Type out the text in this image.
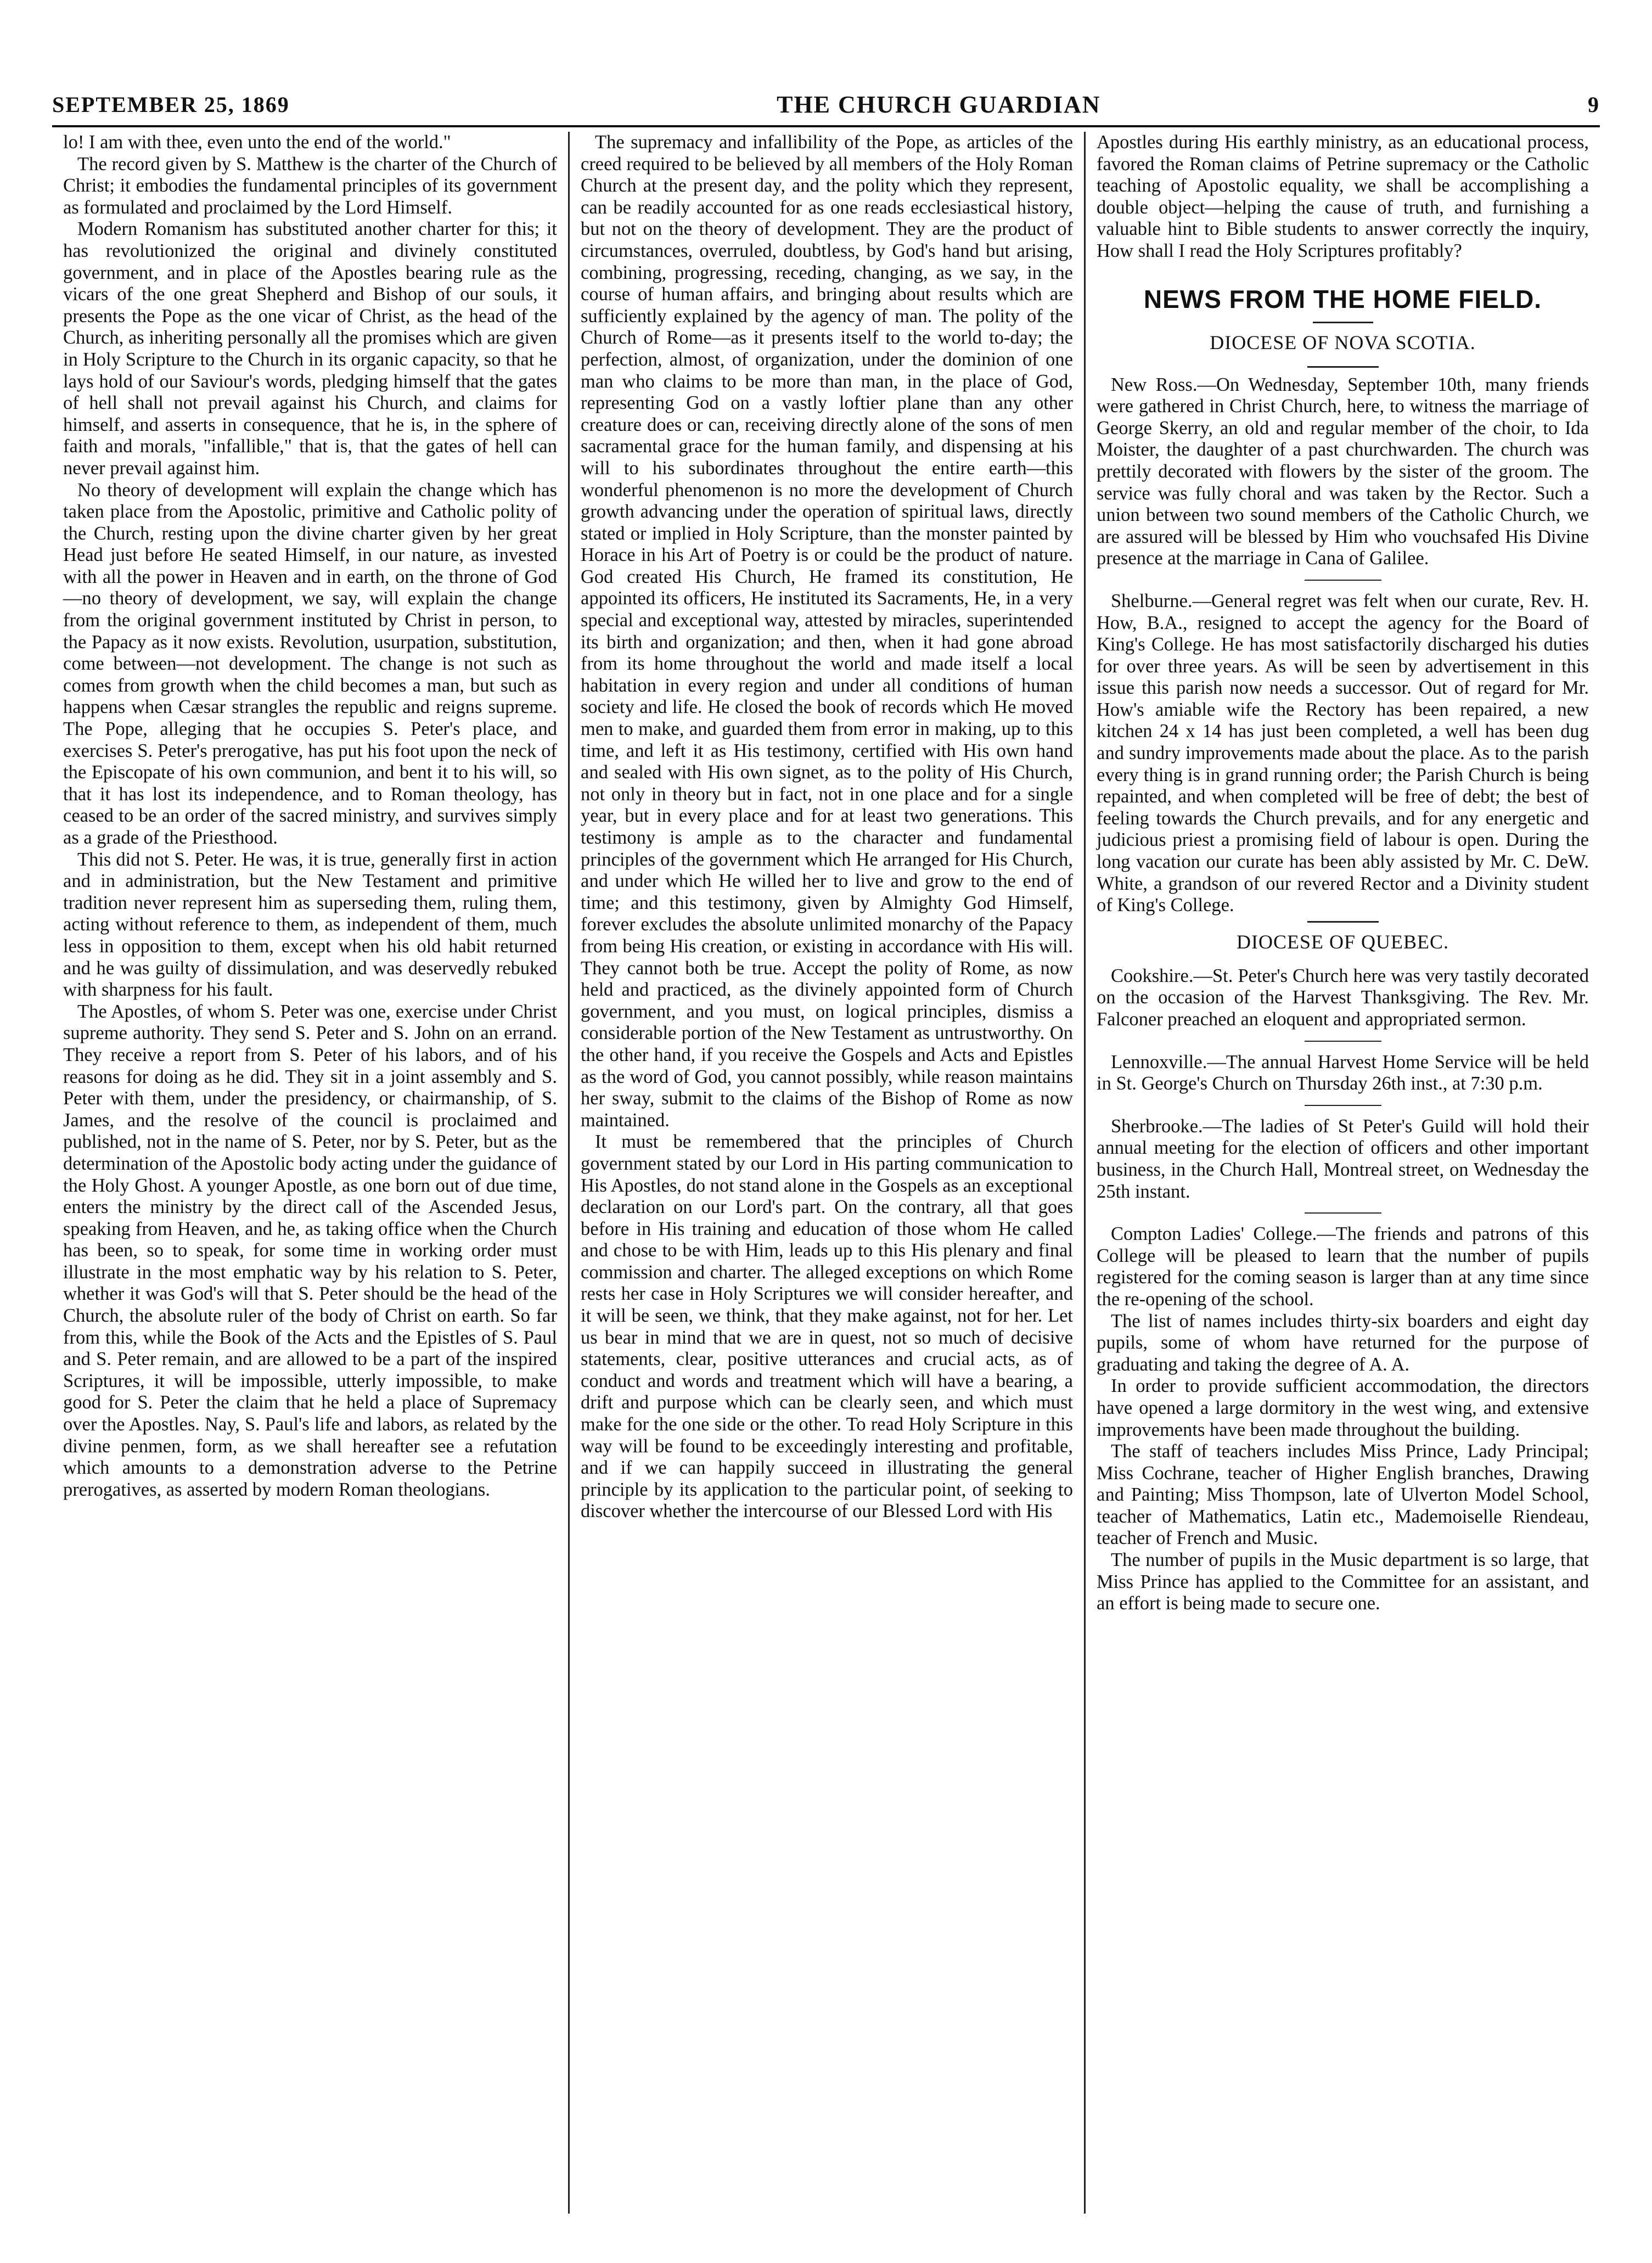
SEPTEMBER 25, 1869	THE CHURCH GUARDIAN	9

lo! I am with thee, even unto the end of the world."

The record given by S. Matthew is the charter of the Church of Christ; it embodies the fundamental principles of its government as formulated and proclaimed by the Lord Himself.

Modern Romanism has substituted another charter for this; it has revolutionized the original and divinely constituted government, and in place of the Apostles bearing rule as the vicars of the one great Shepherd and Bishop of our souls, it presents the Pope as the one vicar of Christ, as the head of the Church, as inheriting personally all the promises which are given in Holy Scripture to the Church in its organic capacity, so that he lays hold of our Saviour's words, pledging himself that the gates of hell shall not prevail against his Church, and claims for himself, and asserts in consequence, that he is, in the sphere of faith and morals, "infallible," that is, that the gates of hell can never prevail against him.

No theory of development will explain the change which has taken place from the Apostolic, primitive and Catholic polity of the Church, resting upon the divine charter given by her great Head just before He seated Himself, in our nature, as invested with all the power in Heaven and in earth, on the throne of God—no theory of development, we say, will explain the change from the original government instituted by Christ in person, to the Papacy as it now exists. Revolution, usurpation, substitution, come between—not development. The change is not such as comes from growth when the child becomes a man, but such as happens when Cæsar strangles the republic and reigns supreme. The Pope, alleging that he occupies S. Peter's place, and exercises S. Peter's prerogative, has put his foot upon the neck of the Episcopate of his own communion, and bent it to his will, so that it has lost its independence, and to Roman theology, has ceased to be an order of the sacred ministry, and survives simply as a grade of the Priesthood.

This did not S. Peter. He was, it is true, generally first in action and in administration, but the New Testament and primitive tradition never represent him as superseding them, ruling them, acting without reference to them, as independent of them, much less in opposition to them, except when his old habit returned and he was guilty of dissimulation, and was deservedly rebuked with sharpness for his fault.

The Apostles, of whom S. Peter was one, exercise under Christ supreme authority. They send S. Peter and S. John on an errand. They receive a report from S. Peter of his labors, and of his reasons for doing as he did. They sit in a joint assembly and S. Peter with them, under the presidency, or chairmanship, of S. James, and the resolve of the council is proclaimed and published, not in the name of S. Peter, nor by S. Peter, but as the determination of the Apostolic body acting under the guidance of the Holy Ghost. A younger Apostle, as one born out of due time, enters the ministry by the direct call of the Ascended Jesus, speaking from Heaven, and he, as taking office when the Church has been, so to speak, for some time in working order must illustrate in the most emphatic way by his relation to S. Peter, whether it was God's will that S. Peter should be the head of the Church, the absolute ruler of the body of Christ on earth. So far from this, while the Book of the Acts and the Epistles of S. Paul and S. Peter remain, and are allowed to be a part of the inspired Scriptures, it will be impossible, utterly impossible, to make good for S. Peter the claim that he held a place of Supremacy over the Apostles. Nay, S. Paul's life and labors, as related by the divine penmen, form, as we shall hereafter see a refutation which amounts to a demonstration adverse to the Petrine prerogatives, as asserted by modern Roman theologians.

The supremacy and infallibility of the Pope, as articles of the creed required to be believed by all members of the Holy Roman Church at the present day, and the polity which they represent, can be readily accounted for as one reads ecclesiastical history, but not on the theory of development. They are the product of circumstances, overruled, doubtless, by God's hand but arising, combining, progressing, receding, changing, as we say, in the course of human affairs, and bringing about results which are sufficiently explained by the agency of man. The polity of the Church of Rome—as it presents itself to the world to-day; the perfection, almost, of organization, under the dominion of one man who claims to be more than man, in the place of God, representing God on a vastly loftier plane than any other creature does or can, receiving directly alone of the sons of men sacramental grace for the human family, and dispensing at his will to his subordinates throughout the entire earth—this wonderful phenomenon is no more the development of Church growth advancing under the operation of spiritual laws, directly stated or implied in Holy Scripture, than the monster painted by Horace in his Art of Poetry is or could be the product of nature. God created His Church, He framed its constitution, He appointed its officers, He instituted its Sacraments, He, in a very special and exceptional way, attested by miracles, superintended its birth and organization; and then, when it had gone abroad from its home throughout the world and made itself a local habitation in every region and under all conditions of human society and life. He closed the book of records which He moved men to make, and guarded them from error in making, up to this time, and left it as His testimony, certified with His own hand and sealed with His own signet, as to the polity of His Church, not only in theory but in fact, not in one place and for a single year, but in every place and for at least two generations. This testimony is ample as to the character and fundamental principles of the government which He arranged for His Church, and under which He willed her to live and grow to the end of time; and this testimony, given by Almighty God Himself, forever excludes the absolute unlimited monarchy of the Papacy from being His creation, or existing in accordance with His will. They cannot both be true. Accept the polity of Rome, as now held and practiced, as the divinely appointed form of Church government, and you must, on logical principles, dismiss a considerable portion of the New Testament as untrustworthy. On the other hand, if you receive the Gospels and Acts and Epistles as the word of God, you cannot possibly, while reason maintains her sway, submit to the claims of the Bishop of Rome as now maintained.

It must be remembered that the principles of Church government stated by our Lord in His parting communication to His Apostles, do not stand alone in the Gospels as an exceptional declaration on our Lord's part. On the contrary, all that goes before in His training and education of those whom He called and chose to be with Him, leads up to this His plenary and final commission and charter. The alleged exceptions on which Rome rests her case in Holy Scriptures we will consider hereafter, and it will be seen, we think, that they make against, not for her. Let us bear in mind that we are in quest, not so much of decisive statements, clear, positive utterances and crucial acts, as of conduct and words and treatment which will have a bearing, a drift and purpose which can be clearly seen, and which must make for the one side or the other. To read Holy Scripture in this way will be found to be exceedingly interesting and profitable, and if we can happily succeed in illustrating the general principle by its application to the particular point, of seeking to discover whether the intercourse of our Blessed Lord with His

Apostles during His earthly ministry, as an educational process, favored the Roman claims of Petrine supremacy or the Catholic teaching of Apostolic equality, we shall be accomplishing a double object—helping the cause of truth, and furnishing a valuable hint to Bible students to answer correctly the inquiry, How shall I read the Holy Scriptures profitably?

NEWS FROM THE HOME FIELD.
DIOCESE OF NOVA SCOTIA.

New Ross.—On Wednesday, September 10th, many friends were gathered in Christ Church, here, to witness the marriage of George Skerry, an old and regular member of the choir, to Ida Moister, the daughter of a past churchwarden. The church was prettily decorated with flowers by the sister of the groom. The service was fully choral and was taken by the Rector. Such a union between two sound members of the Catholic Church, we are assured will be blessed by Him who vouchsafed His Divine presence at the marriage in Cana of Galilee.

Shelburne.—General regret was felt when our curate, Rev. H. How, B.A., resigned to accept the agency for the Board of King's College. He has most satisfactorily discharged his duties for over three years. As will be seen by advertisement in this issue this parish now needs a successor. Out of regard for Mr. How's amiable wife the Rectory has been repaired, a new kitchen 24 x 14 has just been completed, a well has been dug and sundry improvements made about the place. As to the parish every thing is in grand running order; the Parish Church is being repainted, and when completed will be free of debt; the best of feeling towards the Church prevails, and for any energetic and judicious priest a promising field of labour is open. During the long vacation our curate has been ably assisted by Mr. C. DeW. White, a grandson of our revered Rector and a Divinity student of King's College.

DIOCESE OF QUEBEC.

Cookshire.—St. Peter's Church here was very tastily decorated on the occasion of the Harvest Thanksgiving. The Rev. Mr. Falconer preached an eloquent and appropriated sermon.

Lennoxville.—The annual Harvest Home Service will be held in St. George's Church on Thursday 26th inst., at 7:30 p.m.

Sherbrooke.—The ladies of St Peter's Guild will hold their annual meeting for the election of officers and other important business, in the Church Hall, Montreal street, on Wednesday the 25th instant.

Compton Ladies' College.—The friends and patrons of this College will be pleased to learn that the number of pupils registered for the coming season is larger than at any time since the re-opening of the school.

The list of names includes thirty-six boarders and eight day pupils, some of whom have returned for the purpose of graduating and taking the degree of A. A.

In order to provide sufficient accommodation, the directors have opened a large dormitory in the west wing, and extensive improvements have been made throughout the building.

The staff of teachers includes Miss Prince, Lady Principal; Miss Cochrane, teacher of Higher English branches, Drawing and Painting; Miss Thompson, late of Ulverton Model School, teacher of Mathematics, Latin etc., Mademoiselle Riendeau, teacher of French and Music.

The number of pupils in the Music department is so large, that Miss Prince has applied to the Committee for an assistant, and an effort is being made to secure one.
